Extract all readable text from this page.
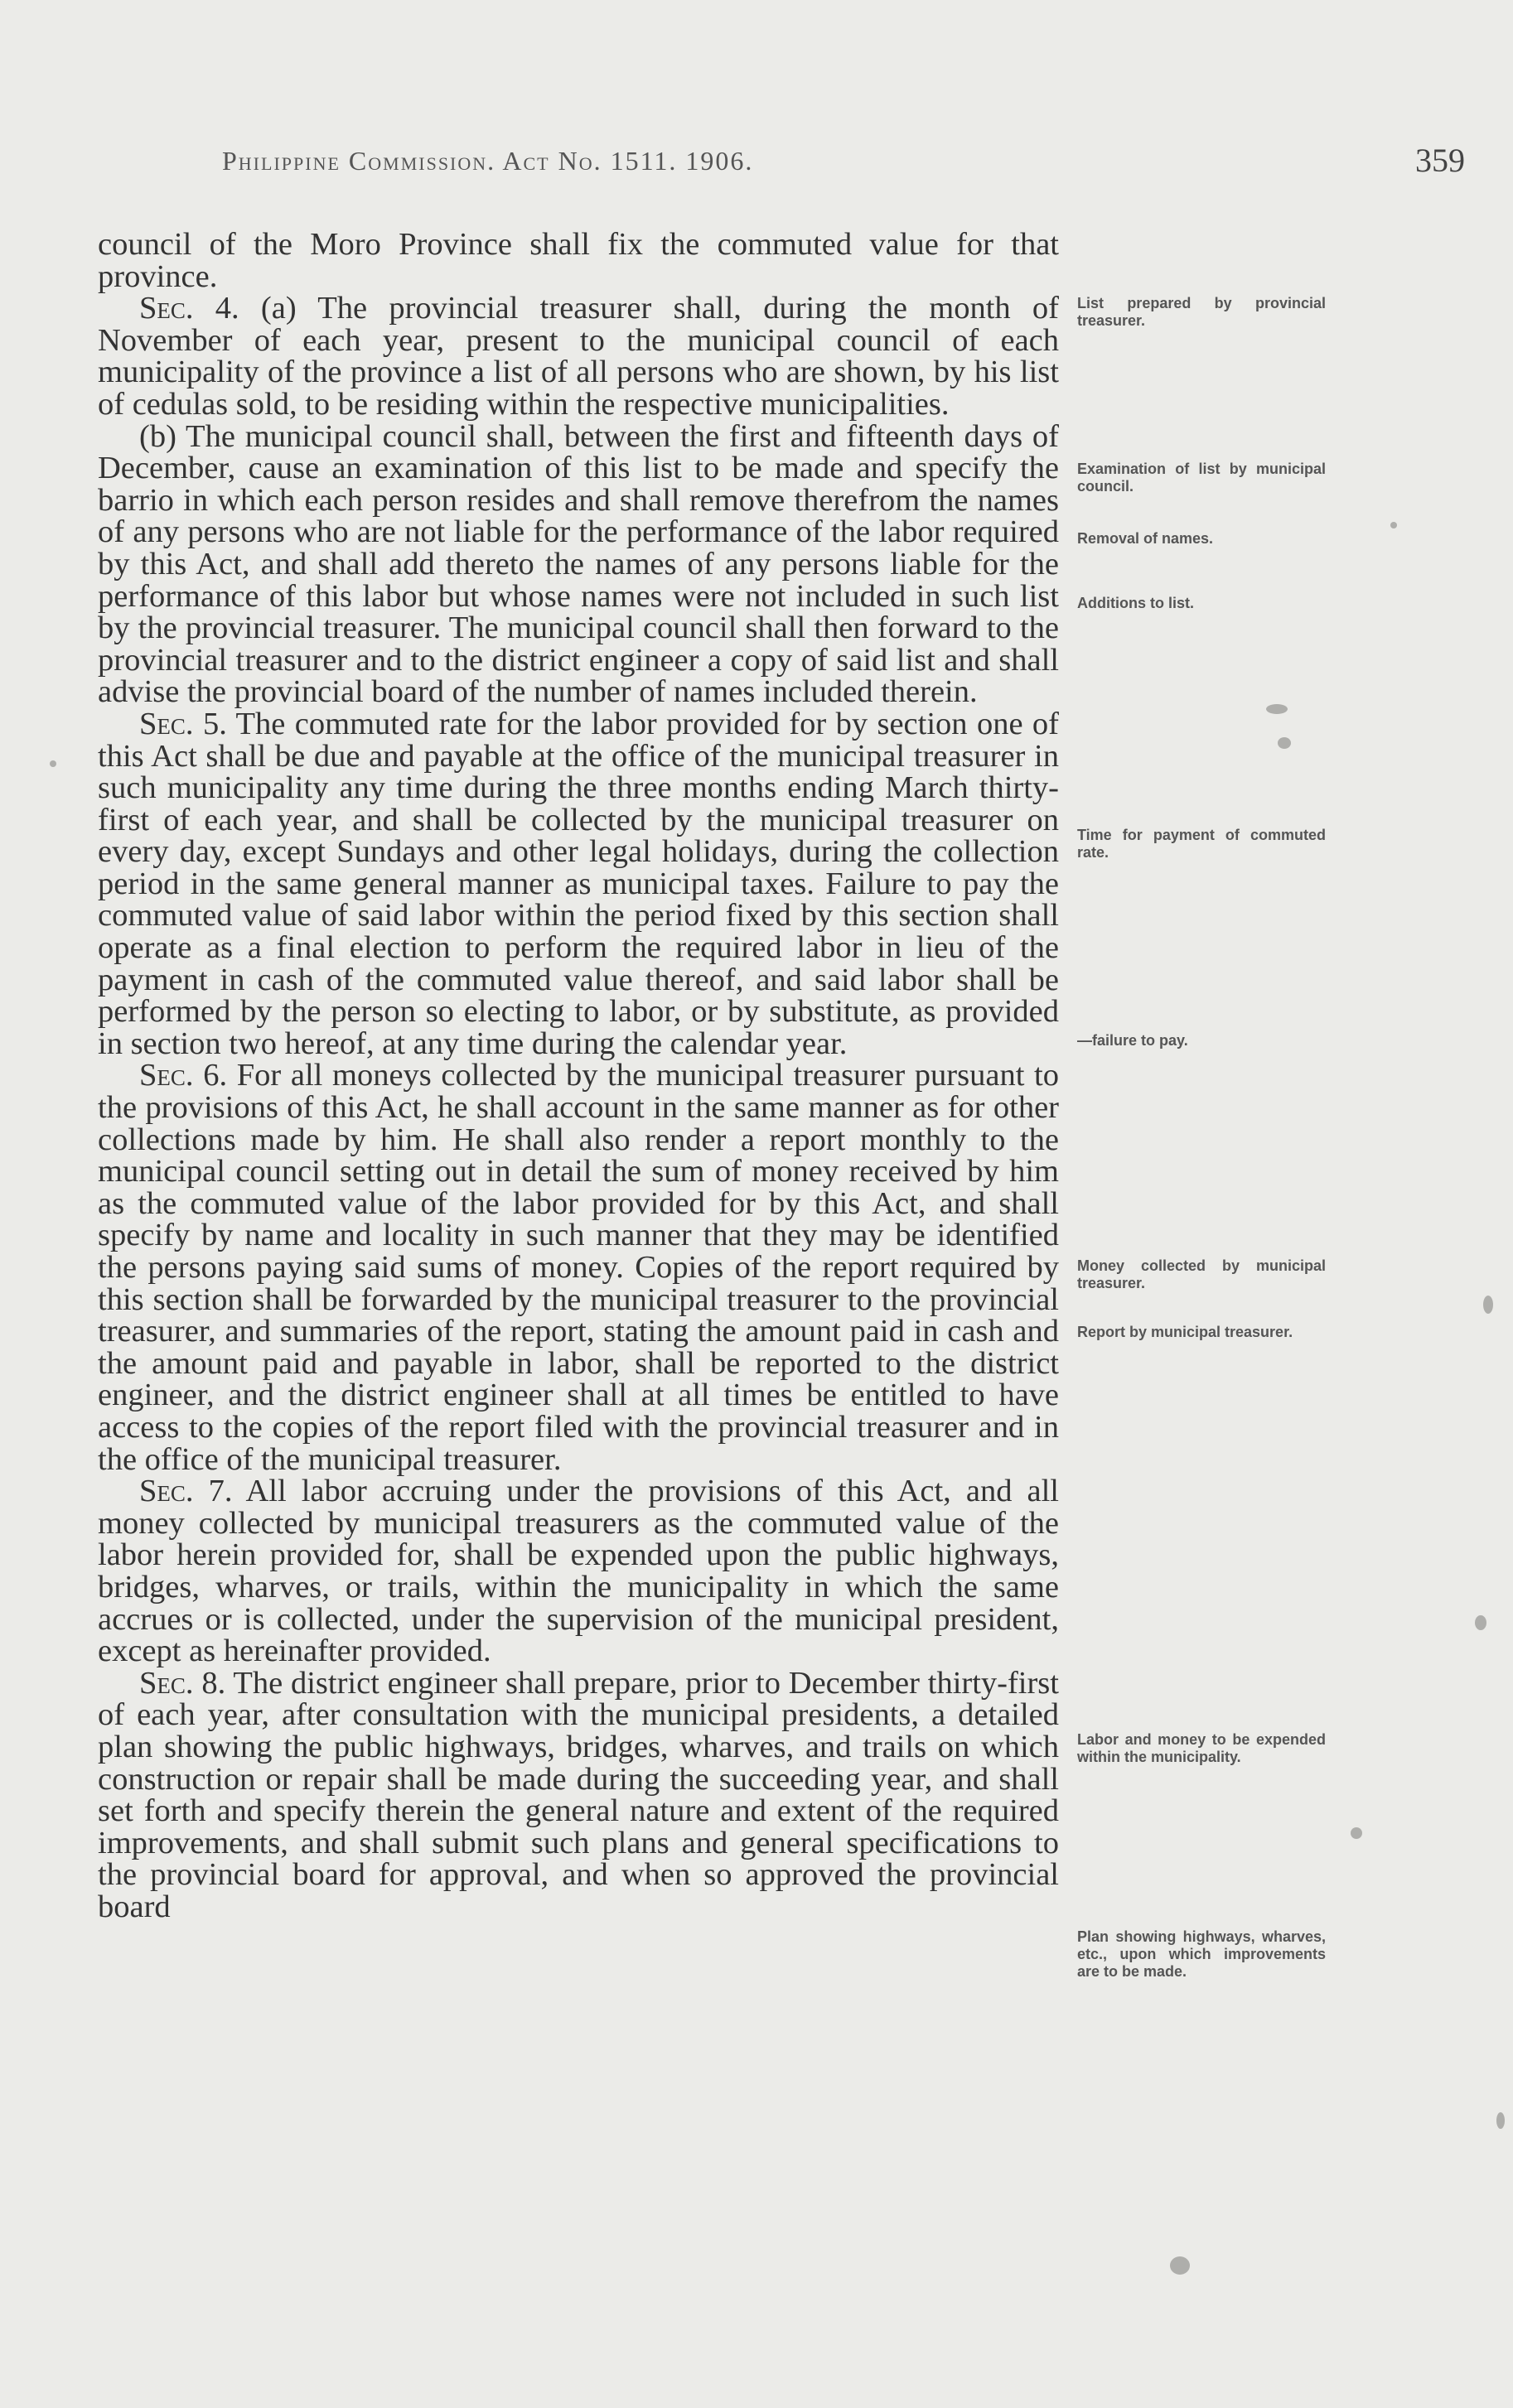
Philippine Commission. Act No. 1511. 1906.	359

council of the Moro Province shall fix the commuted value for that province.

Sec. 4. (a) The provincial treasurer shall, during the month of November of each year, present to the municipal council of each municipality of the province a list of all persons who are shown, by his list of cedulas sold, to be residing within the respective municipalities.

(b) The municipal council shall, between the first and fifteenth days of December, cause an examination of this list to be made and specify the barrio in which each person resides and shall remove therefrom the names of any persons who are not liable for the performance of the labor required by this Act, and shall add thereto the names of any persons liable for the performance of this labor but whose names were not included in such list by the provincial treasurer. The municipal council shall then forward to the provincial treasurer and to the district engineer a copy of said list and shall advise the provincial board of the number of names included therein.

Sec. 5. The commuted rate for the labor provided for by section one of this Act shall be due and payable at the office of the municipal treasurer in such municipality any time during the three months ending March thirty-first of each year, and shall be collected by the municipal treasurer on every day, except Sundays and other legal holidays, during the collection period in the same general manner as municipal taxes. Failure to pay the commuted value of said labor within the period fixed by this section shall operate as a final election to perform the required labor in lieu of the payment in cash of the commuted value thereof, and said labor shall be performed by the person so electing to labor, or by substitute, as provided in section two hereof, at any time during the calendar year.

Sec. 6. For all moneys collected by the municipal treasurer pursuant to the provisions of this Act, he shall account in the same manner as for other collections made by him. He shall also render a report monthly to the municipal council setting out in detail the sum of money received by him as the commuted value of the labor provided for by this Act, and shall specify by name and locality in such manner that they may be identified the persons paying said sums of money. Copies of the report required by this section shall be forwarded by the municipal treasurer to the provincial treasurer, and summaries of the report, stating the amount paid in cash and the amount paid and payable in labor, shall be reported to the district engineer, and the district engineer shall at all times be entitled to have access to the copies of the report filed with the provincial treasurer and in the office of the municipal treasurer.

Sec. 7. All labor accruing under the provisions of this Act, and all money collected by municipal treasurers as the commuted value of the labor herein provided for, shall be expended upon the public highways, bridges, wharves, or trails, within the municipality in which the same accrues or is collected, under the supervision of the municipal president, except as hereinafter provided.

Sec. 8. The district engineer shall prepare, prior to December thirty-first of each year, after consultation with the municipal presidents, a detailed plan showing the public highways, bridges, wharves, and trails on which construction or repair shall be made during the succeeding year, and shall set forth and specify therein the general nature and extent of the required improvements, and shall submit such plans and general specifications to the provincial board for approval, and when so approved the provincial board

List prepared by provincial treasurer.
Examination of list by municipal council.
Removal of names.
Additions to list.
Time for payment of commuted rate.
—failure to pay.
Money collected by municipal treasurer.
Report by municipal treasurer.
Labor and money to be expended within the municipality.
Plan showing highways, wharves, etc., upon which improvements are to be made.
